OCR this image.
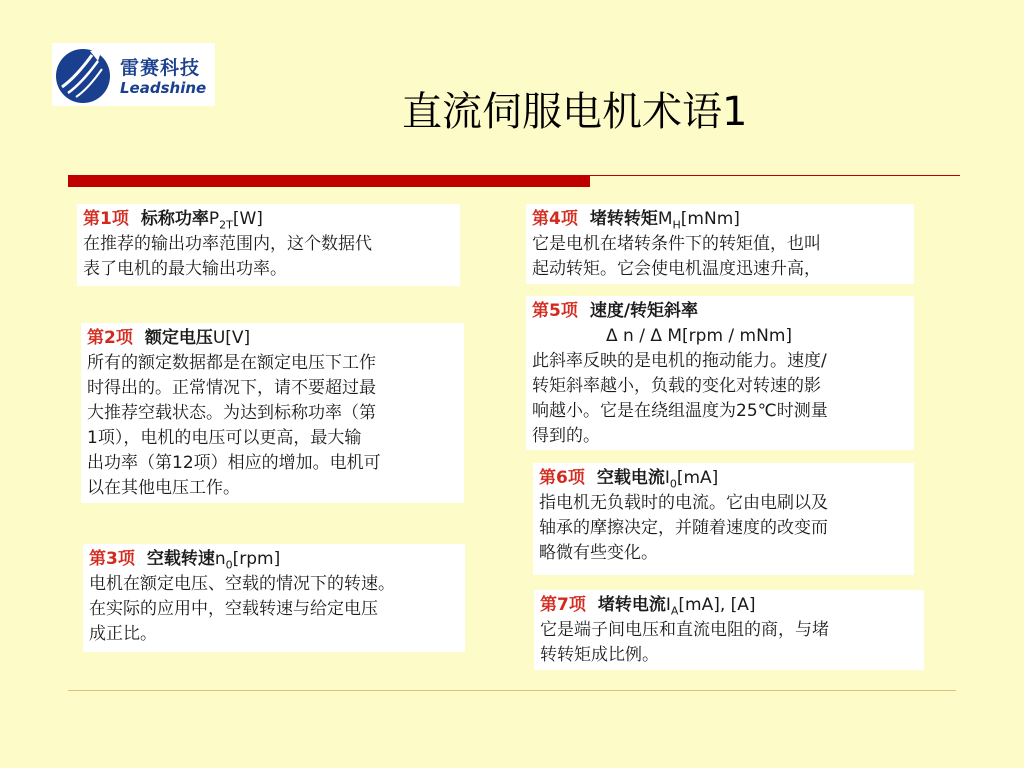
雷赛科技
Leadshine
直流伺服电机术语1
第1项 标称功率$P_{2T}[W]$
在推荐的输出功率范围内，这个数据代
表了电机的最大输出功率。
第2项 额定电压U[V]
所有的额定数据都是在额定电压下工作
时得出的。正常情况下，请不要超过最
大推荐空载状态。为达到标称功率（第
1项），电机的电压可以更高，最大输
出功率（第12项）相应的增加。电机可
以在其他电压工作。
第3项 空载转速$n_0[rpm]$
电机在额定电压、空载的情况下的转速。
在实际的应用中，空载转速与给定电压
成正比。
第4项 堵转转矩$M_H[mNm]$
它是电机在堵转条件下的转矩值，也叫
起动转矩。它会使电机温度迅速升高，
第5项 速度/转矩斜率
Δ n / Δ M[rpm / mNm]
此斜率反映的是电机的拖动能力。速度/
转矩斜率越小，负载的变化对转速的影
响越小。它是在绕组温度为25℃时测量
得到的。
第6项 空载电流$I_0[mA]$
指电机无负载时的电流。它由电刷以及
轴承的摩擦决定，并随着速度的改变而
略微有些变化。
第7项 堵转电流$I_A[mA]$, [A]
它是端子间电压和直流电阻的商，与堵
转转矩成比例。
